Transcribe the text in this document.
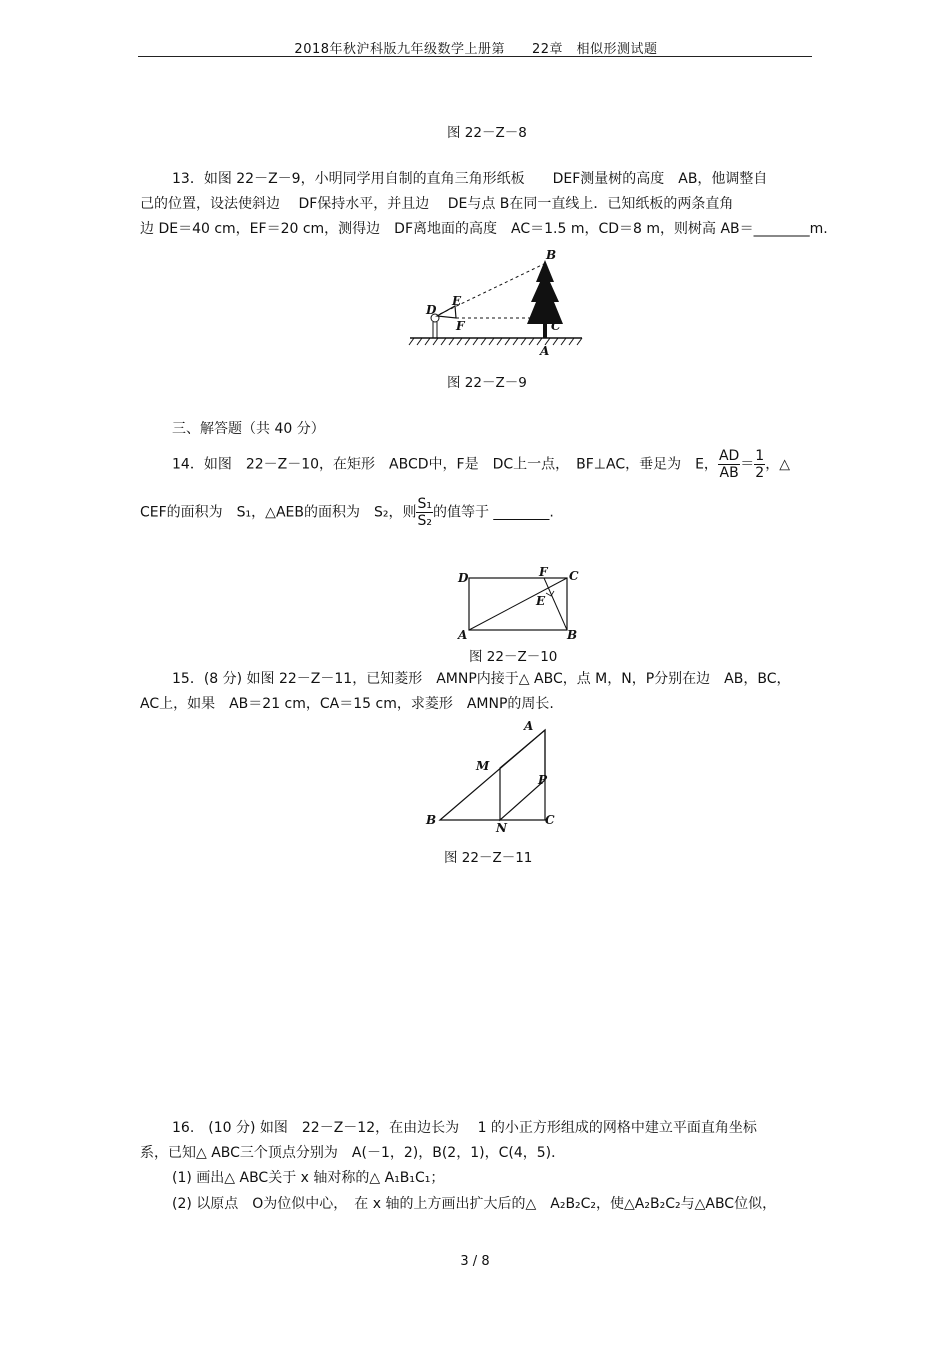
2018年秋沪科版九年级数学上册第　　22章　相似形测试题
图 22－Z－8
13．如图 22－Z－9，小明同学用自制的直角三角形纸板　　DEF测量树的高度　AB，他调整自
己的位置，设法使斜边　 DF保持水平，并且边　 DE与点 B在同一直线上．已知纸板的两条直角
边 DE＝40 cm，EF＝20 cm，测得边　DF离地面的高度　AC＝1.5 m，CD＝8 m，则树高 AB＝________m.
B
D
E
F	C
A
图 22－Z－9
三、解答题（共 40 分）
14．如图　22－Z－10，在矩形　ABCD中，F是　DC上一点，　BF⊥AC，垂足为　E， $\frac{AD}{AB} = \frac{1}{2}$ ，△
CEF的面积为　S₁，△AEB的面积为　S₂，则 $\frac{\text{S₁}}{\text{S₂}}$ 的值等于 ________.
D	F C
E
A	B
图 22－Z－10
15．(8 分) 如图 22－Z－11，已知菱形　AMNP内接于△ ABC，点 M，N，P分别在边　AB，BC，
AC上，如果　AB＝21 cm，CA＝15 cm，求菱形　AMNP的周长.
A
M
P
B
N
C
图 22－Z－11
16.　(10 分) 如图　22－Z－12，在由边长为　 1 的小正方形组成的网格中建立平面直角坐标
系，已知△ ABC三个顶点分别为　A(－1，2)，B(2，1)，C(4，5)．
(1) 画出△ ABC关于 x 轴对称的△ A₁B₁C₁；
(2) 以原点　O为位似中心，　在 x 轴的上方画出扩大后的△　A₂B₂C₂，使△A₂B₂C₂与△ABC位似，
3 / 8
